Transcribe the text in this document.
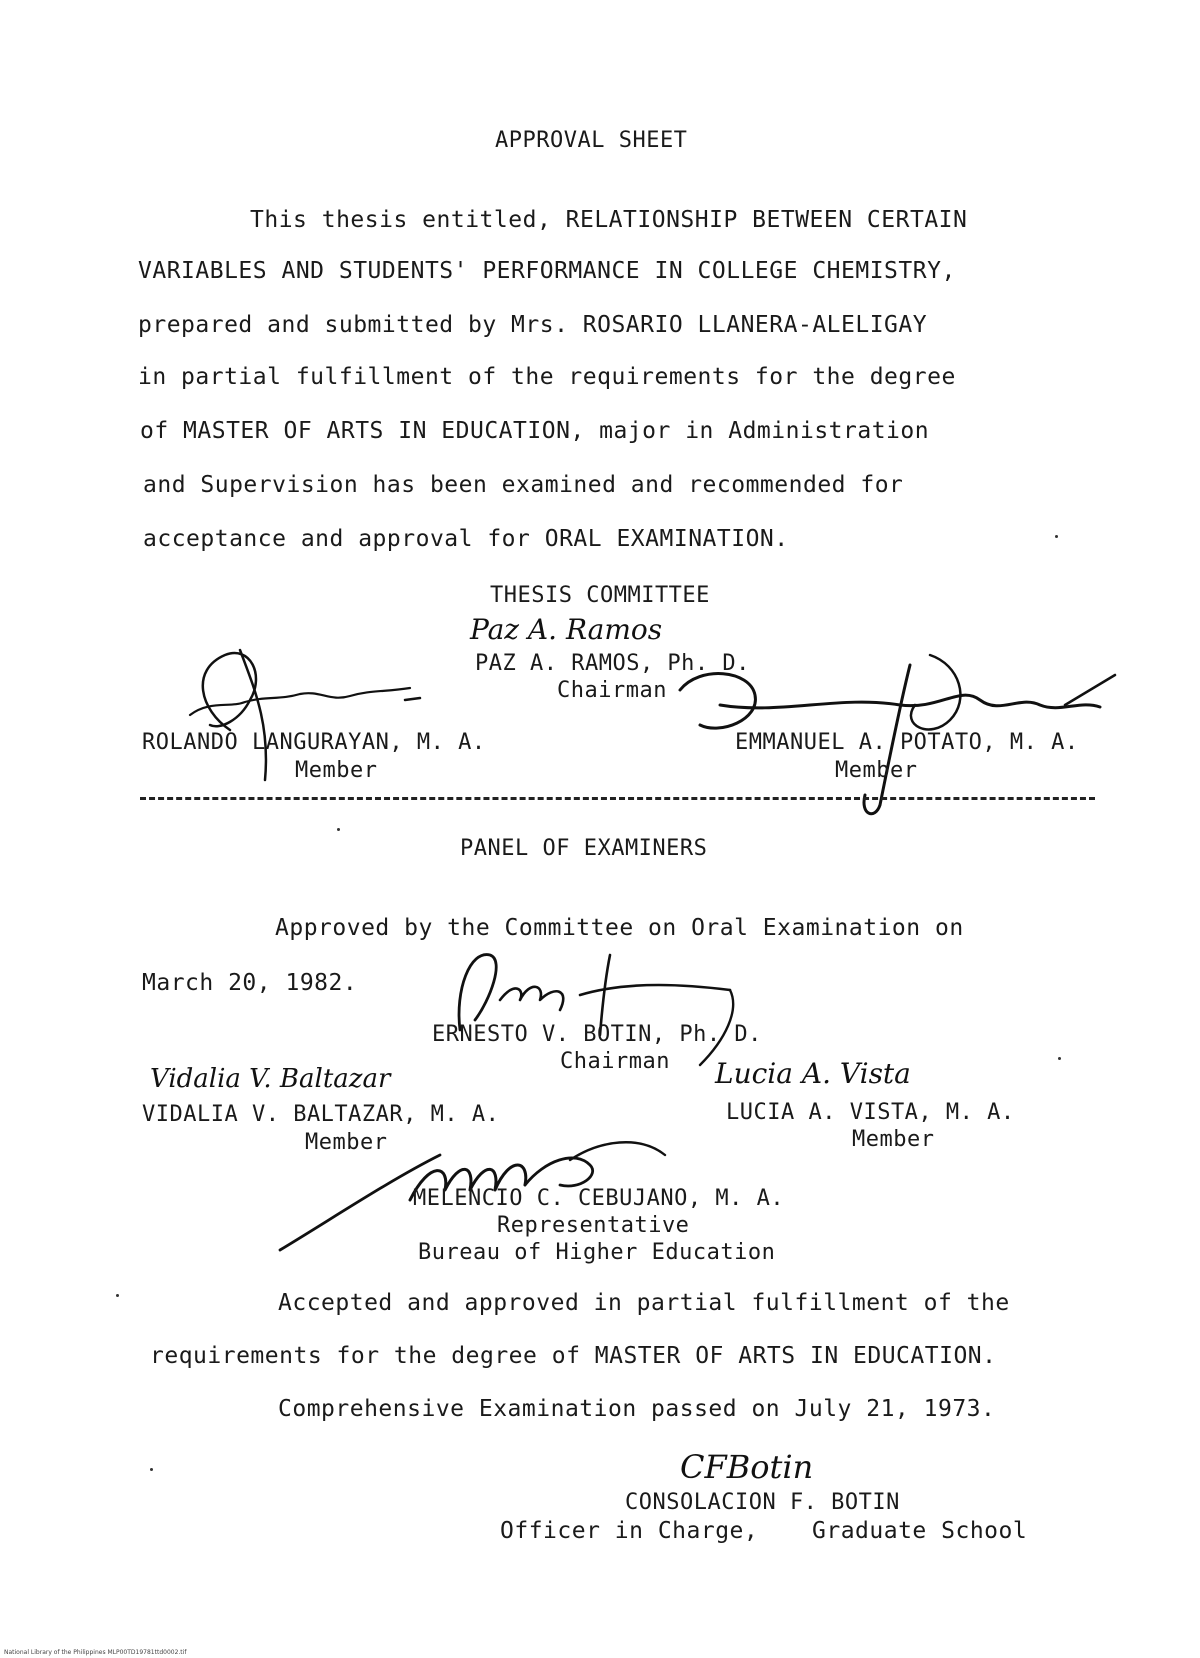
APPROVAL SHEET
This thesis entitled, RELATIONSHIP BETWEEN CERTAIN
VARIABLES AND STUDENTS' PERFORMANCE IN COLLEGE CHEMISTRY,
prepared and submitted by Mrs. ROSARIO LLANERA-ALELIGAY
in partial fulfillment of the requirements for the degree
of MASTER OF ARTS IN EDUCATION, major in Administration
and Supervision has been examined and recommended for
acceptance and approval for ORAL EXAMINATION.
THESIS COMMITTEE
Paz A. Ramos
PAZ A. RAMOS, Ph. D.
Chairman
ROLANDO LANGURAYAN, M. A.
Member
EMMANUEL A. POTATO, M. A.
Member
PANEL OF EXAMINERS
Approved by the Committee on Oral Examination on
March 20, 1982.
ERNESTO V. BOTIN, Ph. D.
Chairman
Vidalia V. Baltazar
VIDALIA V. BALTAZAR, M. A.
Member
Lucia A. Vista
LUCIA A. VISTA, M. A.
Member
MELENCIO C. CEBUJANO, M. A.
Representative
Bureau of Higher Education
Accepted and approved in partial fulfillment of the
requirements for the degree of MASTER OF ARTS IN EDUCATION.
Comprehensive Examination passed on July 21, 1973.
CFBotin
CONSOLACION F. BOTIN
Officer in Charge, Graduate School
National Library of the Philippines MLP00TD19781ttd0002.tif
